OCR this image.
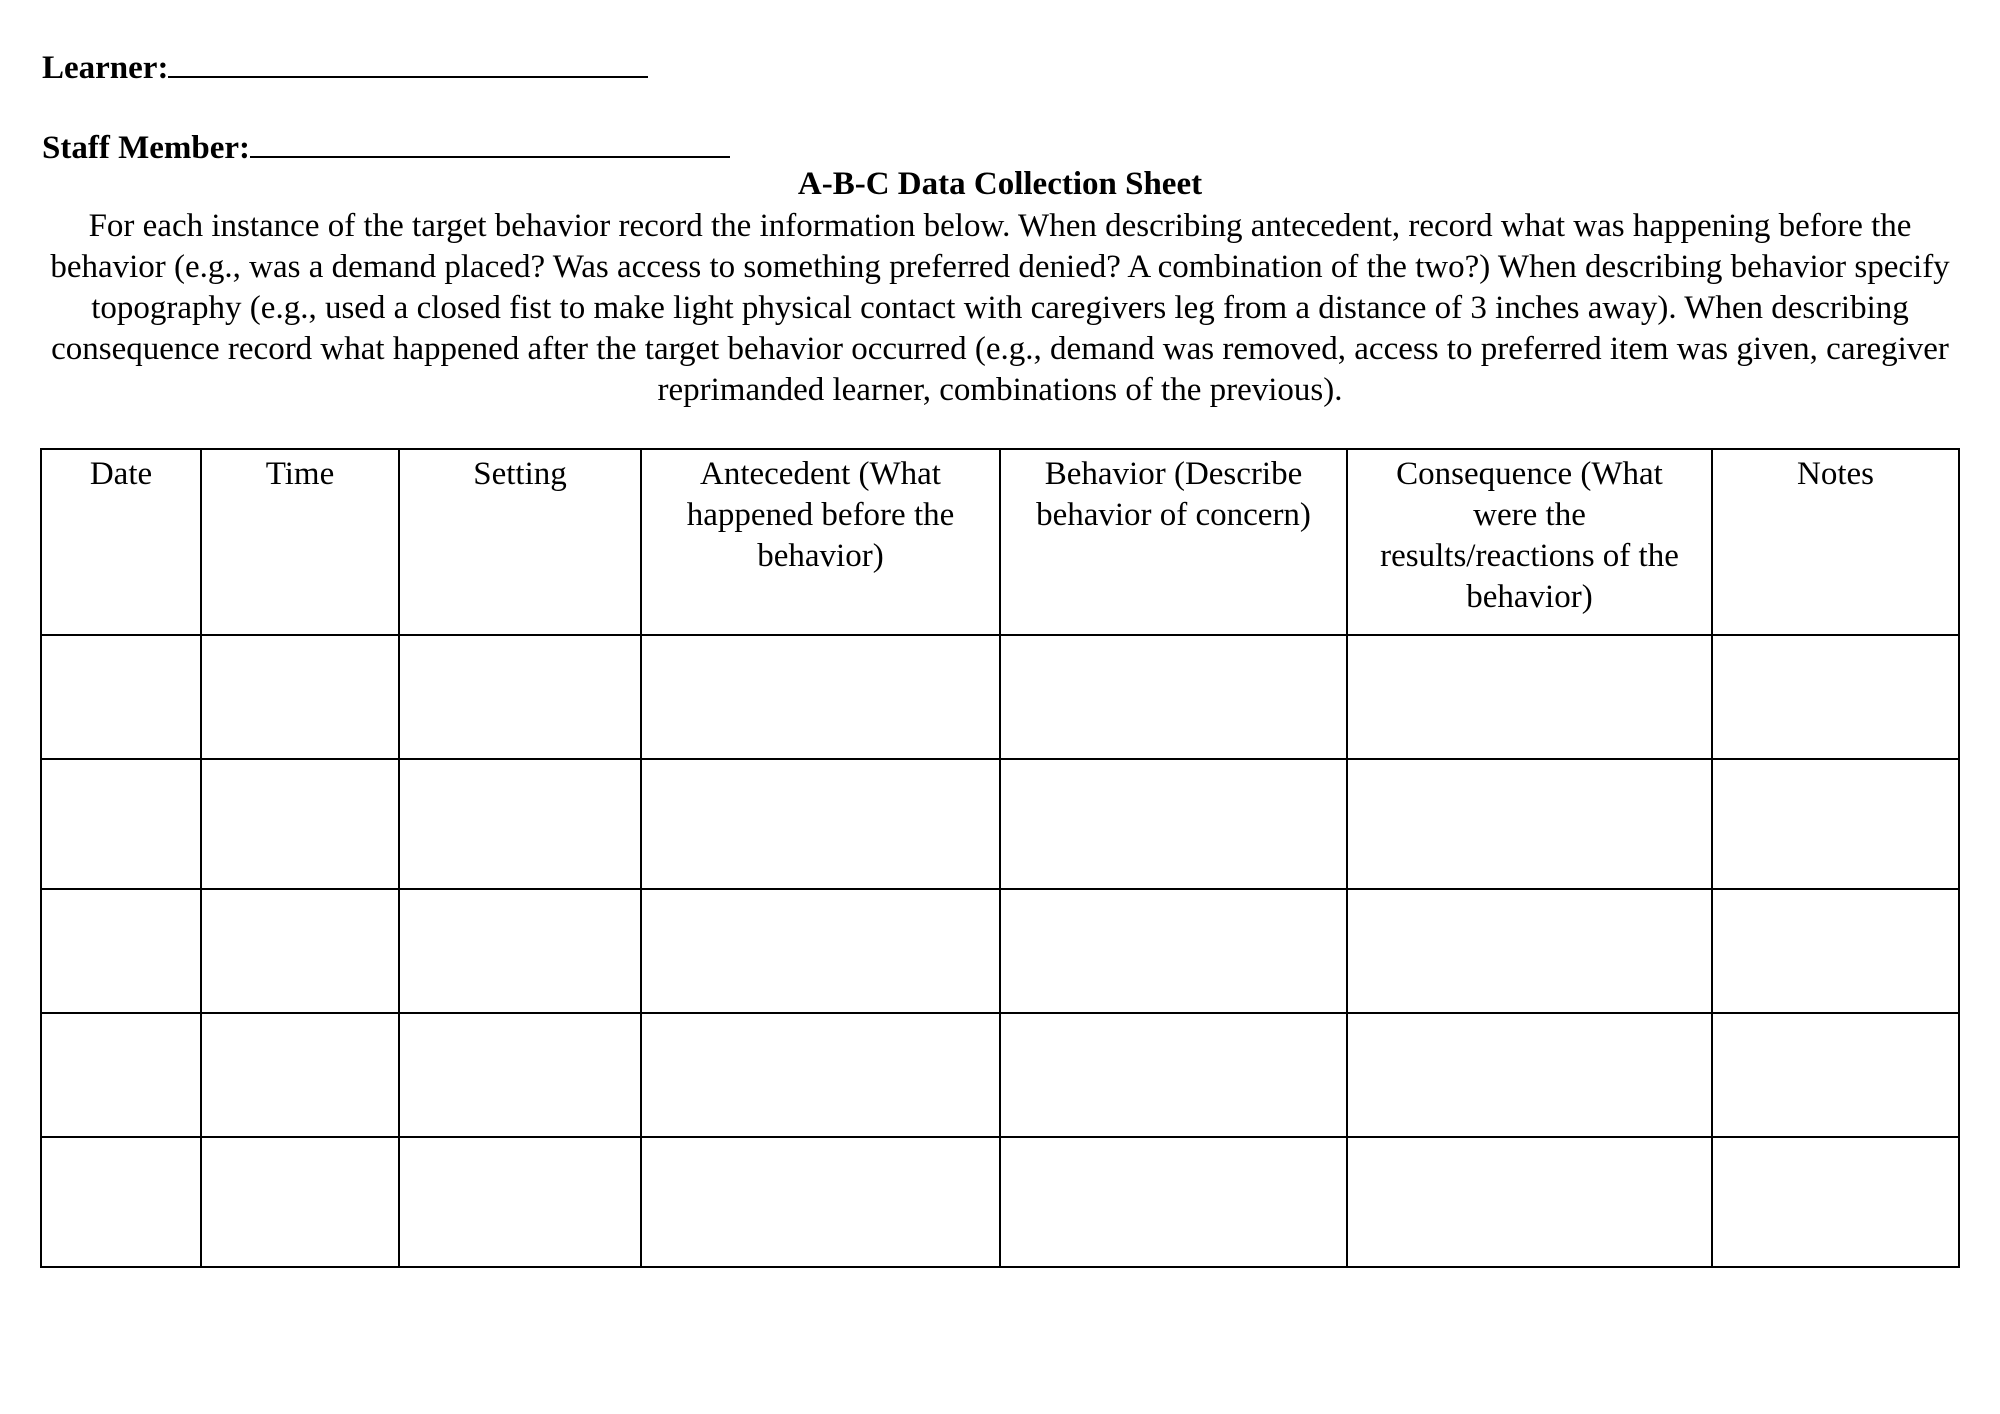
Learner:
Staff Member:
A-B-C Data Collection Sheet
For each instance of the target behavior record the information below. When describing antecedent, record what was happening before the behavior (e.g., was a demand placed? Was access to something preferred denied? A combination of the two?) When describing behavior specify topography (e.g., used a closed fist to make light physical contact with caregivers leg from a distance of 3 inches away). When describing consequence record what happened after the target behavior occurred (e.g., demand was removed, access to preferred item was given, caregiver reprimanded learner, combinations of the previous).
Date	Time	Setting	Antecedent (What happened before the behavior)	Behavior (Describe behavior of concern)	Consequence (What were the results/reactions of the behavior)	Notes
